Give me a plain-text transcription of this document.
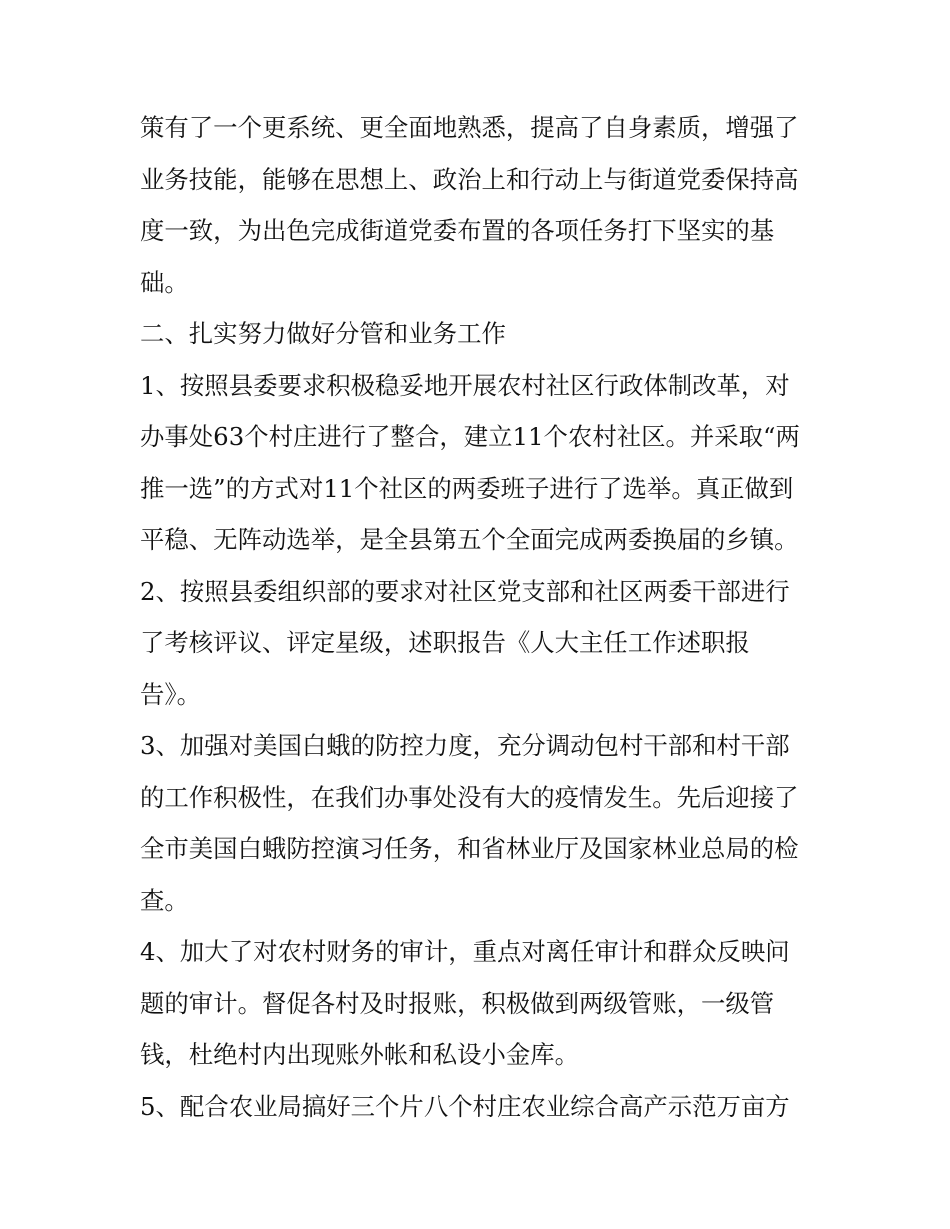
策有了一个更系统、更全面地熟悉，提高了自身素质，增强了
业务技能，能够在思想上、政治上和行动上与街道党委保持高
度一致，为出色完成街道党委布置的各项任务打下坚实的基
础。
二、扎实努力做好分管和业务工作
1、按照县委要求积极稳妥地开展农村社区行政体制改革，对
办事处63个村庄进行了整合，建立11个农村社区。并采取“两
推一选”的方式对11个社区的两委班子进行了选举。真正做到
平稳、无阵动选举，是全县第五个全面完成两委换届的乡镇。
2、按照县委组织部的要求对社区党支部和社区两委干部进行
了考核评议、评定星级，述职报告《人大主任工作述职报
告》。
3、加强对美国白蛾的防控力度，充分调动包村干部和村干部
的工作积极性，在我们办事处没有大的疫情发生。先后迎接了
全市美国白蛾防控演习任务，和省林业厅及国家林业总局的检
查。
4、加大了对农村财务的审计，重点对离任审计和群众反映问
题的审计。督促各村及时报账，积极做到两级管账，一级管
钱，杜绝村内出现账外帐和私设小金库。
5、配合农业局搞好三个片八个村庄农业综合高产示范万亩方
